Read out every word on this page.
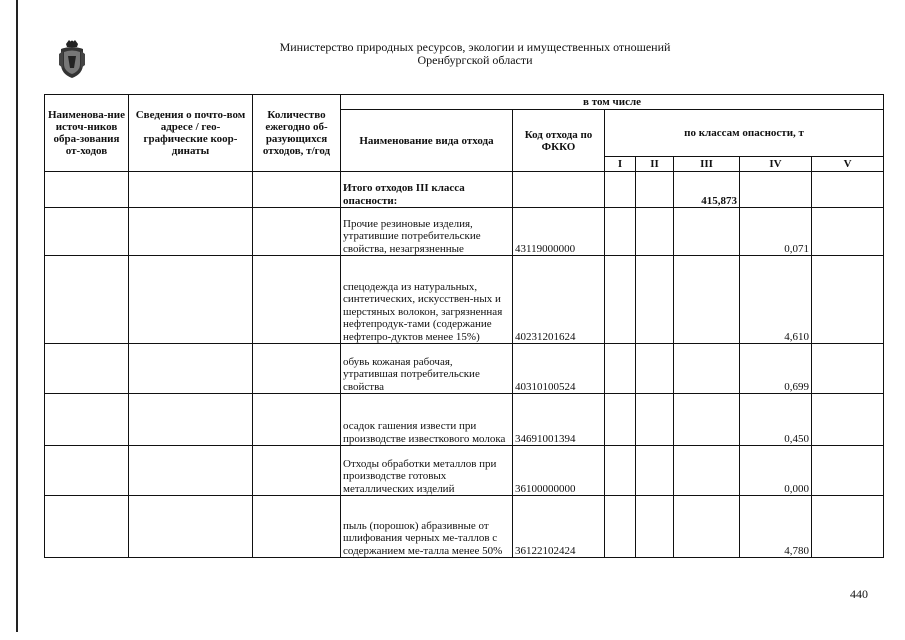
Министерство природных ресурсов, экологии и имущественных отношений
Оренбургской области
Наименова-ние источ-ников обра-зования от-ходов	Сведения о почто-вом адресе / гео-графические коор-динаты	Количество ежегодно об-разующихся отходов, т/год	в том числе						
			Наименование вида отхода	Код отхода по ФККО	по классам опасности, т				
					I	II	III	IV	V
			Итого отходов III класса опасности:				415,873		
			Прочие резиновые изделия, утратившие потребительские свойства, незагрязненные	43119000000				0,071	
			спецодежда из натуральных, синтетических, искусствен-ных и шерстяных волокон, загрязненная нефтепродук-тами (содержание нефтепро-дуктов менее 15%)	40231201624				4,610	
			обувь кожаная рабочая, утратившая потребительские свойства	40310100524				0,699	
			осадок гашения извести при производстве известкового молока	34691001394				0,450	
			Отходы обработки металлов при производстве готовых металлических изделий	36100000000				0,000	
			пыль (порошок) абразивные от шлифования черных ме-таллов с содержанием ме-талла менее 50%	36122102424				4,780	
440
